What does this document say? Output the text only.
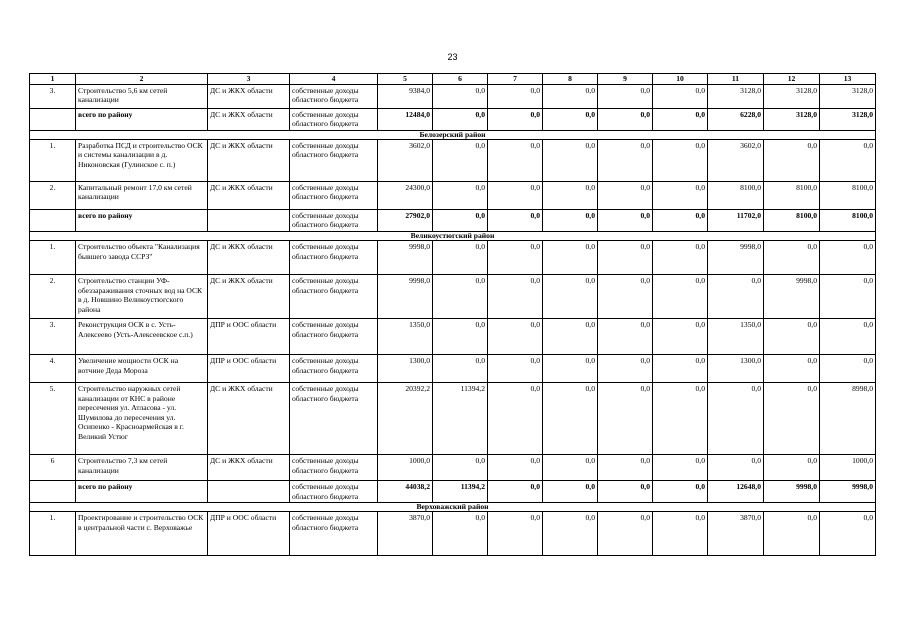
23
1	2	3	4	5	6	7	8	9	10	11	12	13
3.	Строительство 5,6 км сетей канализации	ДС и ЖКХ области	собственные доходы областного бюджета	9384,0	0,0	0,0	0,0	0,0	0,0	3128,0	3128,0	3128,0
	всего по району	ДС и ЖКХ области	собственные доходы областного бюджета	12484,0	0,0	0,0	0,0	0,0	0,0	6228,0	3128,0	3128,0
Белозерский район												
1.	Разработка ПСД и строительство ОСК и системы канализации в д. Никоновская (Гулинское с. п.)	ДС и ЖКХ области	собственные доходы областного бюджета	3602,0	0,0	0,0	0,0	0,0	0,0	3602,0	0,0	0,0
2.	Капитальный ремонт 17,0 км сетей канализации	ДС и ЖКХ области	собственные доходы областного бюджета	24300,0	0,0	0,0	0,0	0,0	0,0	8100,0	8100,0	8100,0
	всего по району		собственные доходы областного бюджета	27902,0	0,0	0,0	0,0	0,0	0,0	11702,0	8100,0	8100,0
Великоустюгский район												
1.	Строительство объекта "Канализация бывшего завода ССРЗ"	ДС и ЖКХ области	собственные доходы областного бюджета	9998,0	0,0	0,0	0,0	0,0	0,0	9998,0	0,0	0,0
2.	Строительство станции УФ-обеззараживания сточных вод на ОСК в д. Новшино Великоустюгского района	ДС и ЖКХ области	собственные доходы областного бюджета	9998,0	0,0	0,0	0,0	0,0	0,0	0,0	9998,0	0,0
3.	Реконструкция ОСК в с. Усть-Алексеево (Усть-Алексеевское с.п.)	ДПР и ООС области	собственные доходы областного бюджета	1350,0	0,0	0,0	0,0	0,0	0,0	1350,0	0,0	0,0
4.	Увеличение мощности ОСК на вотчине Деда Мороза	ДПР и ООС области	собственные доходы областного бюджета	1300,0	0,0	0,0	0,0	0,0	0,0	1300,0	0,0	0,0
5.	Строительство наружных сетей канализации от КНС в районе пересечения ул. Атласова - ул. Шумилова до пересечения ул. Осипенко - Красноармейская в г. Великий Устюг	ДС и ЖКХ области	собственные доходы областного бюджета	20392,2	11394,2	0,0	0,0	0,0	0,0	0,0	0,0	8998,0
6	Строительство 7,3 км сетей канализации	ДС и ЖКХ области	собственные доходы областного бюджета	1000,0	0,0	0,0	0,0	0,0	0,0	0,0	0,0	1000,0
	всего по району		собственные доходы областного бюджета	44038,2	11394,2	0,0	0,0	0,0	0,0	12648,0	9998,0	9998,0
Верховажский район												
1.	Проектирование и строительство ОСК в центральной части с. Верховажье	ДПР и ООС области	собственные доходы областного бюджета	3870,0	0,0	0,0	0,0	0,0	0,0	3870,0	0,0	0,0
